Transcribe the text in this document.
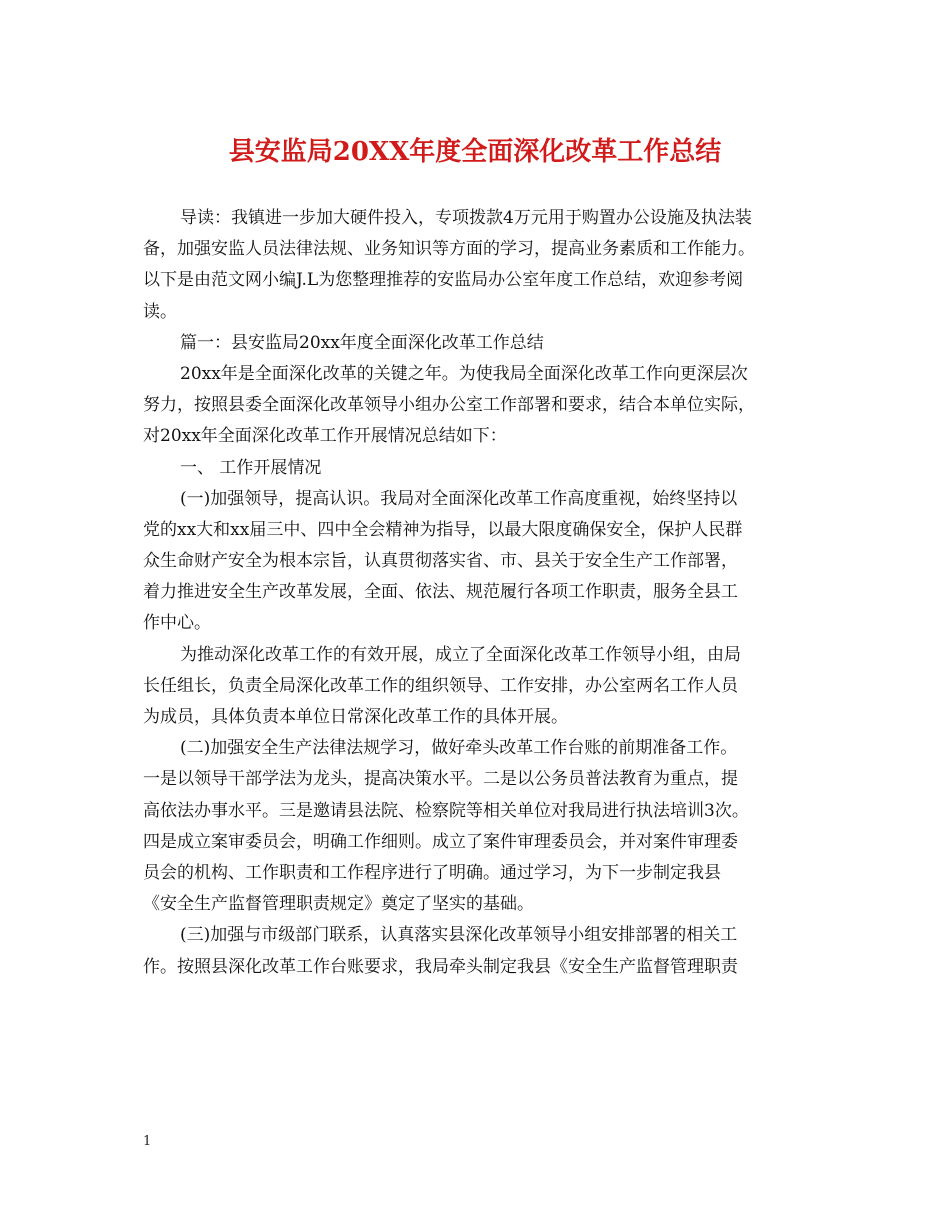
县安监局20XX年度全面深化改革工作总结
导读：我镇进一步加大硬件投入，专项拨款4万元用于购置办公设施及执法装
备，加强安监人员法律法规、业务知识等方面的学习，提高业务素质和工作能力。
以下是由范文网小编J.L为您整理推荐的安监局办公室年度工作总结，欢迎参考阅
读。
篇一：县安监局20xx年度全面深化改革工作总结
20xx年是全面深化改革的关键之年。为使我局全面深化改革工作向更深层次
努力，按照县委全面深化改革领导小组办公室工作部署和要求，结合本单位实际，
对20xx年全面深化改革工作开展情况总结如下：
一、 工作开展情况
(一)加强领导，提高认识。我局对全面深化改革工作高度重视，始终坚持以
党的xx大和xx届三中、四中全会精神为指导，以最大限度确保安全，保护人民群
众生命财产安全为根本宗旨，认真贯彻落实省、市、县关于安全生产工作部署，
着力推进安全生产改革发展，全面、依法、规范履行各项工作职责，服务全县工
作中心。
为推动深化改革工作的有效开展，成立了全面深化改革工作领导小组，由局
长任组长，负责全局深化改革工作的组织领导、工作安排，办公室两名工作人员
为成员，具体负责本单位日常深化改革工作的具体开展。
(二)加强安全生产法律法规学习，做好牵头改革工作台账的前期准备工作。
一是以领导干部学法为龙头，提高决策水平。二是以公务员普法教育为重点，提
高依法办事水平。三是邀请县法院、检察院等相关单位对我局进行执法培训3次。
四是成立案审委员会，明确工作细则。成立了案件审理委员会，并对案件审理委
员会的机构、工作职责和工作程序进行了明确。通过学习，为下一步制定我县
《安全生产监督管理职责规定》奠定了坚实的基础。
(三)加强与市级部门联系，认真落实县深化改革领导小组安排部署的相关工
作。按照县深化改革工作台账要求，我局牵头制定我县《安全生产监督管理职责
1
